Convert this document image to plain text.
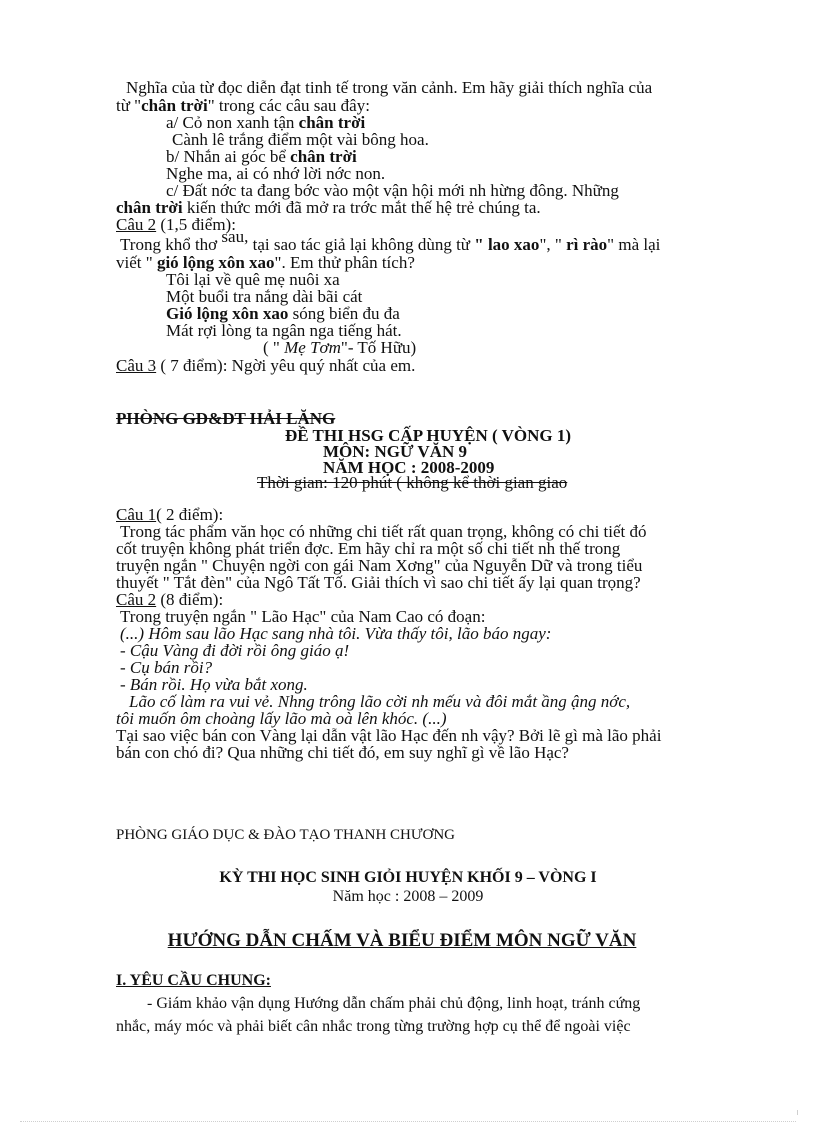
Nghĩa của từ đọc diễn đạt tinh tế trong văn cảnh. Em hãy giải thích nghĩa của
từ "chân trời" trong các câu sau đây:
a/ Cỏ non xanh tận chân trời
Cành lê trắng điểm một vài bông hoa.
b/ Nhắn ai góc bể chân trời
Nghe ma, ai có nhớ lời nớc non.
c/ Đất nớc ta đang bớc vào một vận hội mới nh hừng đông. Những
chân trời kiến thức mới đã mở ra trớc mắt thế hệ trẻ chúng ta.
Câu 2 (1,5 điểm):
Trong khổ thơ sau, tại sao tác giả lại không dùng từ " lao xao", " rì rào" mà lại
viết " gió lộng xôn xao". Em thử phân tích?
Tôi lại về quê mẹ nuôi xa
Một buổi tra nắng dài bãi cát
Gió lộng xôn xao sóng biển đu đa
Mát rợi lòng ta ngân nga tiếng hát.
( " Mẹ Tơm"- Tố Hữu)
Câu 3 ( 7 điểm): Ngời yêu quý nhất của em.
PHÒNG GD&ĐT HẢI LĂNG
ĐỀ THI HSG CẤP HUYỆN ( VÒNG 1)
MÔN: NGỮ VĂN 9
NĂM HỌC : 2008-2009
Thời gian: 120 phút ( không kể thời gian giao
Câu 1( 2 điểm):
Trong tác phẩm văn học có những chi tiết rất quan trọng, không có chi tiết đó
cốt truyện không phát triển đợc. Em hãy chỉ ra một số chi tiết nh thế trong
truyện ngắn " Chuyện ngời con gái Nam Xơng" của Nguyễn Dữ và trong tiểu
thuyết " Tắt đèn" của Ngô Tất Tố. Giải thích vì sao chi tiết ấy lại quan trọng?
Câu 2 (8 điểm):
Trong truyện ngắn " Lão Hạc" của Nam Cao có đoạn:
(...) Hôm sau lão Hạc sang nhà tôi. Vừa thấy tôi, lão báo ngay:
- Cậu Vàng đi đời rồi ông giáo ạ!
- Cụ bán rồi?
- Bán rồi. Họ vừa bắt xong.
Lão cố làm ra vui vẻ. Nhng trông lão cời nh mếu và đôi mắt ầng ậng nớc,
tôi muốn ôm choàng lấy lão mà oà lên khóc. (...)
Tại sao việc bán con Vàng lại dẫn vật lão Hạc đến nh vậy? Bởi lẽ gì mà lão phải
bán con chó đi? Qua những chi tiết đó, em suy nghĩ gì về lão Hạc?
PHÒNG GIÁO DỤC & ĐÀO TẠO THANH CHƯƠNG
KỲ THI HỌC SINH GIỎI HUYỆN KHỐI 9 – VÒNG I
Năm học : 2008 – 2009
HƯỚNG DẪN CHẤM VÀ BIỂU ĐIỂM MÔN NGỮ VĂN
I. YÊU CẦU CHUNG:
- Giám khảo vận dụng Hướng dẫn chấm phải chủ động, linh hoạt, tránh cứng
nhắc, máy móc và phải biết cân nhắc trong từng trường hợp cụ thể để ngoài việc
